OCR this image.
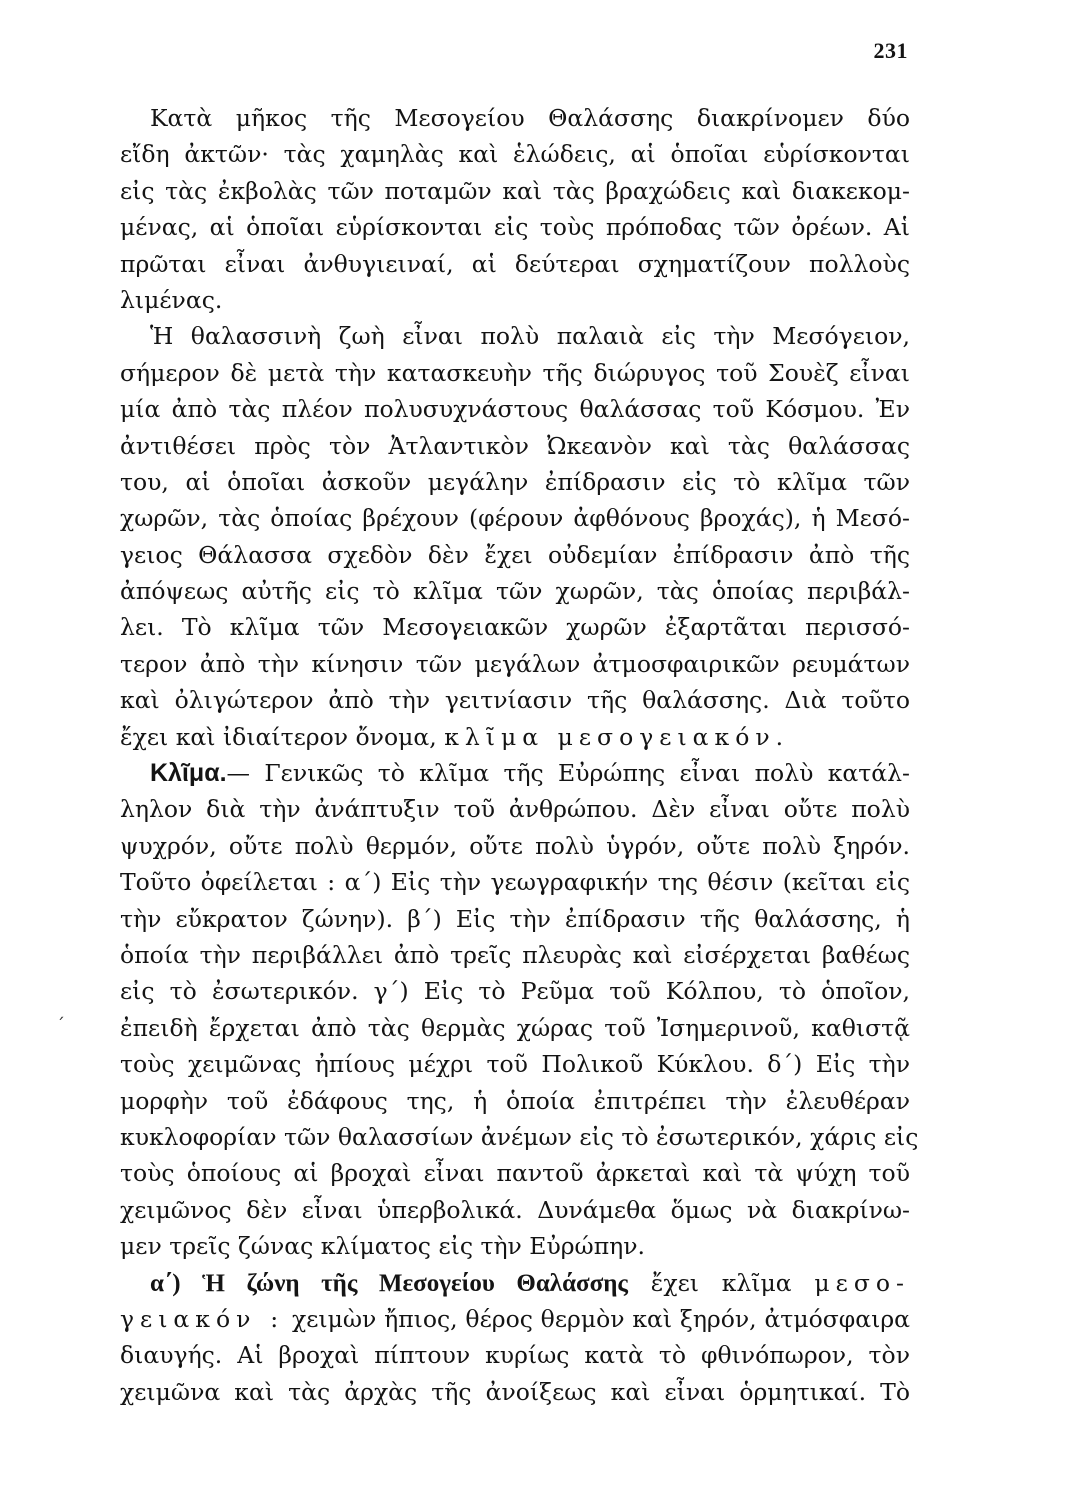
231
´
Κατὰ μῆκος τῆς Μεσογείου Θαλάσσης διακρίνομεν δύο
εἴδη ἀκτῶν· τὰς χαμηλὰς καὶ ἑλώδεις, αἱ ὁποῖαι εὑρίσκονται
εἰς τὰς ἐκβολὰς τῶν ποταμῶν καὶ τὰς βραχώδεις καὶ διακεκομ-
μένας, αἱ ὁποῖαι εὑρίσκονται εἰς τοὺς πρόποδας τῶν ὀρέων. Αἱ
πρῶται εἶναι ἀνθυγιειναί, αἱ δεύτεραι σχηματίζουν πολλοὺς
λιμένας.
Ἡ θαλασσινὴ ζωὴ εἶναι πολὺ παλαιὰ εἰς τὴν Μεσόγειον,
σήμερον δὲ μετὰ τὴν κατασκευὴν τῆς διώρυγος τοῦ Σουὲζ εἶναι
μία ἀπὸ τὰς πλέον πολυσυχνάστους θαλάσσας τοῦ Κόσμου. Ἐν
ἀντιθέσει πρὸς τὸν Ἀτλαντικὸν Ὠκεανὸν καὶ τὰς θαλάσσας
του, αἱ ὁποῖαι ἀσκοῦν μεγάλην ἐπίδρασιν εἰς τὸ κλῖμα τῶν
χωρῶν, τὰς ὁποίας βρέχουν (φέρουν ἀφθόνους βροχάς), ἡ Μεσό-
γειος Θάλασσα σχεδὸν δὲν ἔχει οὐδεμίαν ἐπίδρασιν ἀπὸ τῆς
ἀπόψεως αὐτῆς εἰς τὸ κλῖμα τῶν χωρῶν, τὰς ὁποίας περιβάλ-
λει. Τὸ κλῖμα τῶν Μεσογειακῶν χωρῶν ἐξαρτᾶται περισσό-
τερον ἀπὸ τὴν κίνησιν τῶν μεγάλων ἀτμοσφαιρικῶν ρευμάτων
καὶ ὀλιγώτερον ἀπὸ τὴν γειτνίασιν τῆς θαλάσσης. Διὰ τοῦτο
ἔχει καὶ ἰδιαίτερον ὄνομα, κλῖμα μεσογειακόν.
Κλῖμα.— Γενικῶς τὸ κλῖμα τῆς Εὐρώπης εἶναι πολὺ κατάλ-
ληλον διὰ τὴν ἀνάπτυξιν τοῦ ἀνθρώπου. Δὲν εἶναι οὔτε πολὺ
ψυχρόν, οὔτε πολὺ θερμόν, οὔτε πολὺ ὑγρόν, οὔτε πολὺ ξηρόν.
Τοῦτο ὀφείλεται : α΄) Εἰς τὴν γεωγραφικήν της θέσιν (κεῖται εἰς
τὴν εὔκρατον ζώνην). β΄) Εἰς τὴν ἐπίδρασιν τῆς θαλάσσης, ἡ
ὁποία τὴν περιβάλλει ἀπὸ τρεῖς πλευρὰς καὶ εἰσέρχεται βαθέως
εἰς τὸ ἐσωτερικόν. γ΄) Εἰς τὸ Ρεῦμα τοῦ Κόλπου, τὸ ὁποῖον,
ἐπειδὴ ἔρχεται ἀπὸ τὰς θερμὰς χώρας τοῦ Ἰσημερινοῦ, καθιστᾷ
τοὺς χειμῶνας ἠπίους μέχρι τοῦ Πολικοῦ Κύκλου. δ΄) Εἰς τὴν
μορφὴν τοῦ ἐδάφους της, ἡ ὁποία ἐπιτρέπει τὴν ἐλευθέραν
κυκλοφορίαν τῶν θαλασσίων ἀνέμων εἰς τὸ ἐσωτερικόν, χάρις εἰς
τοὺς ὁποίους αἱ βροχαὶ εἶναι παντοῦ ἀρκεταὶ καὶ τὰ ψύχη τοῦ
χειμῶνος δὲν εἶναι ὑπερβολικά. Δυνάμεθα ὅμως νὰ διακρίνω-
μεν τρεῖς ζώνας κλίματος εἰς τὴν Εὐρώπην.
α΄) Ἡ ζώνη τῆς Μεσογείου Θαλάσσης ἔχει κλῖμα μεσο-
γειακόν : χειμὼν ἤπιος, θέρος θερμὸν καὶ ξηρόν, ἀτμόσφαιρα
διαυγής. Αἱ βροχαὶ πίπτουν κυρίως κατὰ τὸ φθινόπωρον, τὸν
χειμῶνα καὶ τὰς ἀρχὰς τῆς ἀνοίξεως καὶ εἶναι ὁρμητικαί. Τὸ
